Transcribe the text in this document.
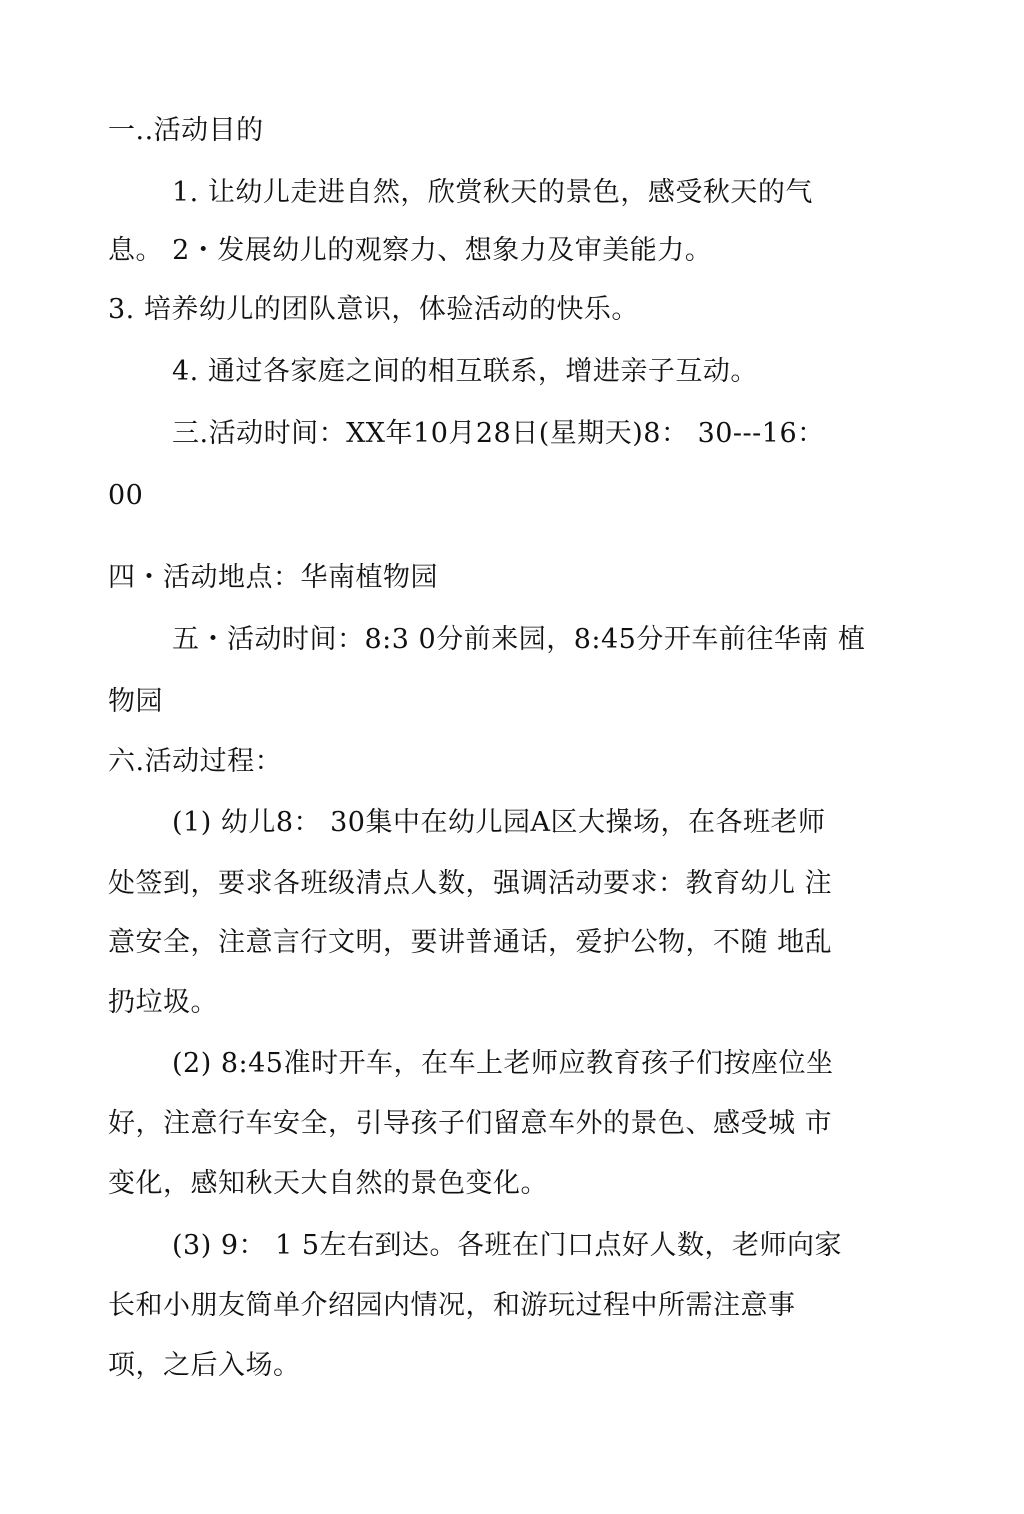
一..活动目的
1. 让幼儿走进自然，欣赏秋天的景色，感受秋天的气
息。 2・发展幼儿的观察力、想象力及审美能力。
3. 培养幼儿的团队意识，体验活动的快乐。
4. 通过各家庭之间的相互联系，增进亲子互动。
三.活动时间：XX年10月28日(星期天)8： 30---16：
00
四・活动地点：华南植物园
五・活动时间：8:3 0分前来园，8:45分开车前往华南 植
物园
六.活动过程：
(1) 幼儿8： 30集中在幼儿园A区大操场，在各班老师
处签到，要求各班级清点人数，强调活动要求：教育幼儿 注
意安全，注意言行文明，要讲普通话，爱护公物，不随 地乱
扔垃圾。
(2) 8:45准时开车，在车上老师应教育孩子们按座位坐
好，注意行车安全，引导孩子们留意车外的景色、感受城 市
变化，感知秋天大自然的景色变化。
(3) 9： 1 5左右到达。各班在门口点好人数，老师向家
长和小朋友简单介绍园内情况，和游玩过程中所需注意事
项，之后入场。
